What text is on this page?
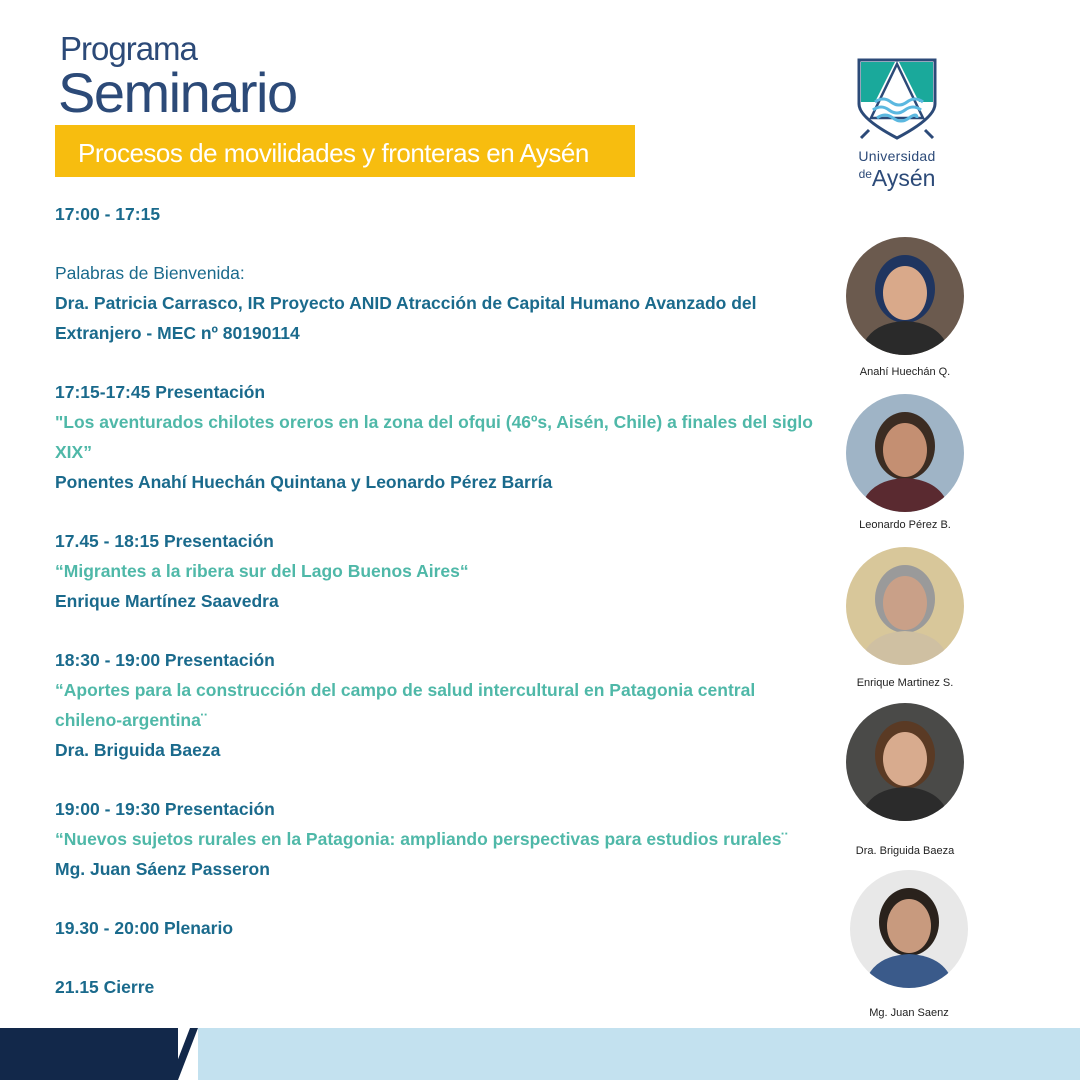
Programa
Seminario
Procesos de movilidades y fronteras en Aysén	Universidad
$^{de}$Aysén
17:00 - 17:15
Palabras de Bienvenida:
Dra. Patricia Carrasco, IR Proyecto ANID Atracción de Capital Humano Avanzado del
Extranjero - MEC nº 80190114
17:15-17:45 Presentación
"Los aventurados chilotes oreros en la zona del ofqui (46ºs, Aisén, Chile) a finales del siglo
XIX”
Ponentes Anahí Huechán Quintana y Leonardo Pérez Barría
17.45 - 18:15 Presentación
“Migrantes a la ribera sur del Lago Buenos Aires“
Enrique Martínez Saavedra
18:30 - 19:00 Presentación
“Aportes para la construcción del campo de salud intercultural en Patagonia central
chileno-argentina¨
Dra. Briguida Baeza
19:00 - 19:30 Presentación
“Nuevos sujetos rurales en la Patagonia: ampliando perspectivas para estudios rurales¨
Mg. Juan Sáenz Passeron
19.30 - 20:00 Plenario
21.15 Cierre
Anahí Huechán Q.
Leonardo Pérez B.
Enrique Martinez S.
Dra. Briguida Baeza
Mg. Juan Saenz
